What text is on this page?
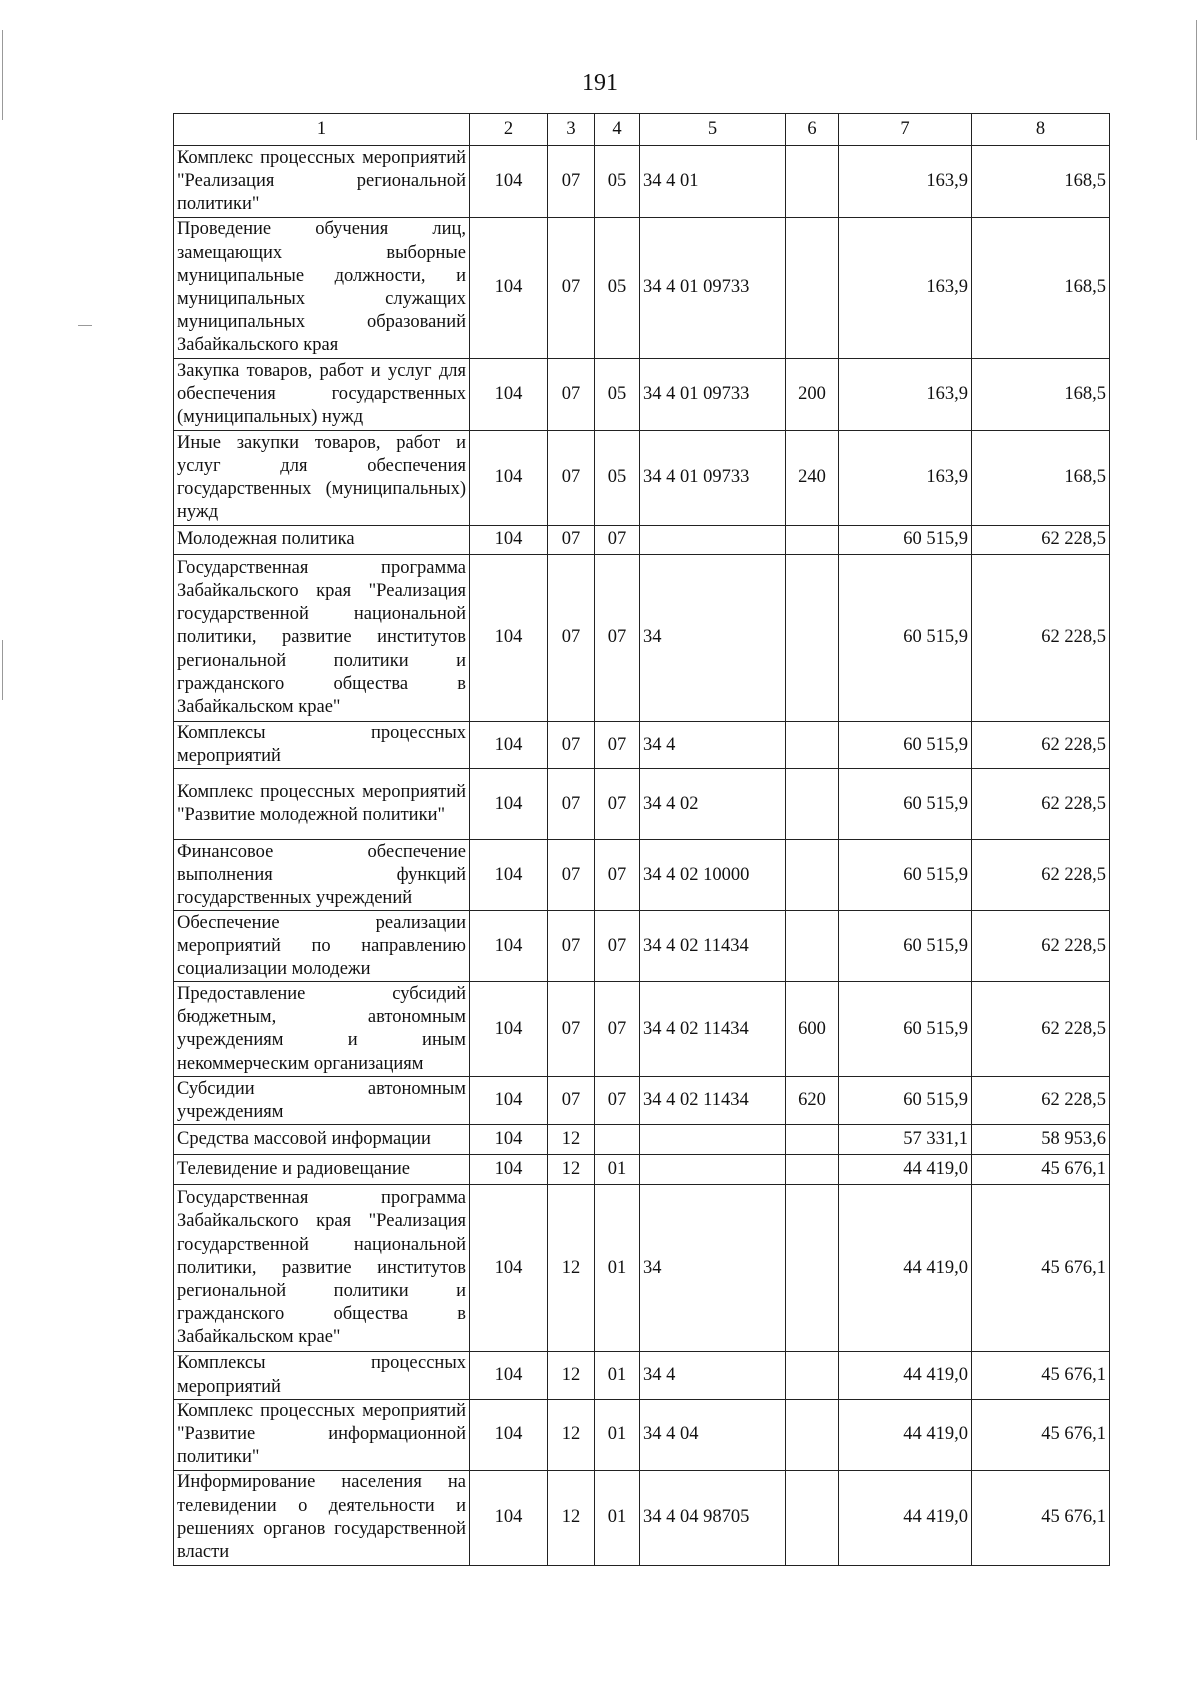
191
1	2	3	4	5	6	7	8
Комплекс процессных мероприятий "Реализация региональной политики"	104	07	05	34 4 01		163,9	168,5
Проведение обучения лиц, замещающих выборные муниципальные должности, и муниципальных служащих муниципальных образований Забайкальского края	104	07	05	34 4 01 09733		163,9	168,5
Закупка товаров, работ и услуг для обеспечения государственных (муниципальных) нужд	104	07	05	34 4 01 09733	200	163,9	168,5
Иные закупки товаров, работ и услуг для обеспечения государственных (муниципальных) нужд	104	07	05	34 4 01 09733	240	163,9	168,5
Молодежная политика	104	07	07			60 515,9	62 228,5
Государственная программа Забайкальского края "Реализация государственной национальной политики, развитие институтов региональной политики и гражданского общества в Забайкальском крае"	104	07	07	34		60 515,9	62 228,5
Комплексы процессных мероприятий	104	07	07	34 4		60 515,9	62 228,5
Комплекс процессных мероприятий "Развитие молодежной политики"	104	07	07	34 4 02		60 515,9	62 228,5
Финансовое обеспечение выполнения функций государственных учреждений	104	07	07	34 4 02 10000		60 515,9	62 228,5
Обеспечение реализации мероприятий по направлению социализации молодежи	104	07	07	34 4 02 11434		60 515,9	62 228,5
Предоставление субсидий бюджетным, автономным учреждениям и иным некоммерческим организациям	104	07	07	34 4 02 11434	600	60 515,9	62 228,5
Субсидии автономным учреждениям	104	07	07	34 4 02 11434	620	60 515,9	62 228,5
Средства массовой информации	104	12				57 331,1	58 953,6
Телевидение и радиовещание	104	12	01			44 419,0	45 676,1
Государственная программа Забайкальского края "Реализация государственной национальной политики, развитие институтов региональной политики и гражданского общества в Забайкальском крае"	104	12	01	34		44 419,0	45 676,1
Комплексы процессных мероприятий	104	12	01	34 4		44 419,0	45 676,1
Комплекс процессных мероприятий "Развитие информационной политики"	104	12	01	34 4 04		44 419,0	45 676,1
Информирование населения на телевидении о деятельности и решениях органов государственной власти	104	12	01	34 4 04 98705		44 419,0	45 676,1
